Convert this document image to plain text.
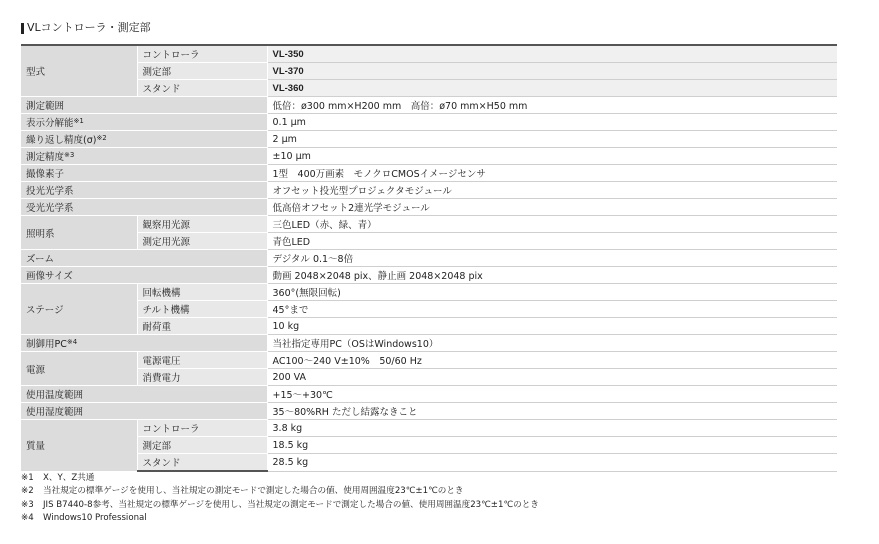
VLコントローラ・測定部
型式	コントローラ	VL-350
	測定部	VL-370
	スタンド	VL-360
測定範囲		低倍：ø300 mm×H200 mm　高倍：ø70 mm×H50 mm
表示分解能$^{※1}$		0.1 μm
繰り返し精度$(\sigma)^{※2}$		2 μm
測定精度$^{※3}$		±10 μm
撮像素子		1型　400万画素　モノクロCMOSイメージセンサ
投光光学系		オフセット投光型プロジェクタモジュール
受光光学系		低高倍オフセット2連光学モジュール
照明系	観察用光源	三色LED（赤、緑、青）
	測定用光源	青色LED
ズーム		デジタル 0.1～8倍
画像サイズ		動画 2048×2048 pix、静止画 2048×2048 pix
ステージ	回転機構	360°(無限回転)
	チルト機構	45°まで
	耐荷重	10 kg
制御用PC$^{※4}$		当社指定専用PC（OSはWindows10）
電源	電源電圧	AC100～240 V±10%　50/60 Hz
	消費電力	200 VA
使用温度範囲		+15～+30℃
使用湿度範囲		35～80%RH ただし結露なきこと
質量	コントローラ	3.8 kg
	測定部	18.5 kg
	スタンド	28.5 kg
※1 X、Y、Z共通
※2 当社規定の標準ゲージを使用し、当社規定の測定モードで測定した場合の値、使用周囲温度23℃±1℃のとき
※3 JIS B7440-8参考、当社規定の標準ゲージを使用し、当社規定の測定モードで測定した場合の値、使用周囲温度23℃±1℃のとき
※4 Windows10 Professional
